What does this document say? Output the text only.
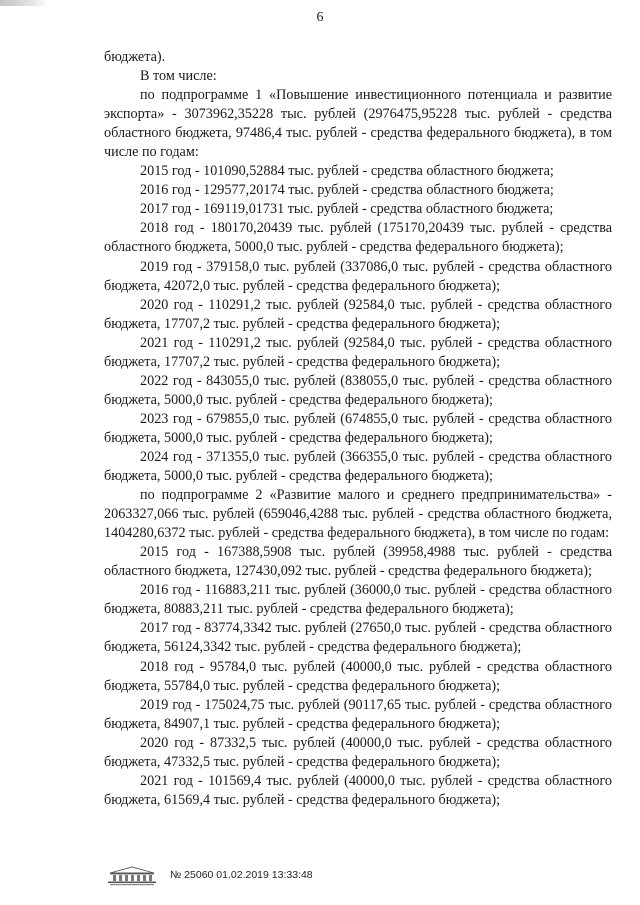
6

бюджета).

В том числе:

по подпрограмме 1 «Повышение инвестиционного потенциала и развитие экспорта» - 3073962,35228 тыс. рублей (2976475,95228 тыс. рублей - средства областного бюджета, 97486,4 тыс. рублей - средства федерального бюджета), в том числе по годам:

2015 год - 101090,52884 тыс. рублей - средства областного бюджета;

2016 год - 129577,20174 тыс. рублей - средства областного бюджета;

2017 год - 169119,01731 тыс. рублей - средства областного бюджета;

2018 год - 180170,20439 тыс. рублей (175170,20439 тыс. рублей - средства областного бюджета, 5000,0 тыс. рублей - средства федерального бюджета);

2019 год - 379158,0 тыс. рублей (337086,0 тыс. рублей - средства областного бюджета, 42072,0 тыс. рублей - средства федерального бюджета);

2020 год - 110291,2 тыс. рублей (92584,0 тыс. рублей - средства областного бюджета, 17707,2 тыс. рублей - средства федерального бюджета);

2021 год - 110291,2 тыс. рублей (92584,0 тыс. рублей - средства областного бюджета, 17707,2 тыс. рублей - средства федерального бюджета);

2022 год - 843055,0 тыс. рублей (838055,0 тыс. рублей - средства областного бюджета, 5000,0 тыс. рублей - средства федерального бюджета);

2023 год - 679855,0 тыс. рублей (674855,0 тыс. рублей - средства областного бюджета, 5000,0 тыс. рублей - средства федерального бюджета);

2024 год - 371355,0 тыс. рублей (366355,0 тыс. рублей - средства областного бюджета, 5000,0 тыс. рублей - средства федерального бюджета);

по подпрограмме 2 «Развитие малого и среднего предпринимательства» - 2063327,066 тыс. рублей (659046,4288 тыс. рублей - средства областного бюджета, 1404280,6372 тыс. рублей - средства федерального бюджета), в том числе по годам:

2015 год - 167388,5908 тыс. рублей (39958,4988 тыс. рублей - средства областного бюджета, 127430,092 тыс. рублей - средства федерального бюджета);

2016 год - 116883,211 тыс. рублей (36000,0 тыс. рублей - средства областного бюджета, 80883,211 тыс. рублей - средства федерального бюджета);

2017 год - 83774,3342 тыс. рублей (27650,0 тыс. рублей - средства областного бюджета, 56124,3342 тыс. рублей - средства федерального бюджета);

2018 год - 95784,0 тыс. рублей (40000,0 тыс. рублей - средства областного бюджета, 55784,0 тыс. рублей - средства федерального бюджета);

2019 год - 175024,75 тыс. рублей (90117,65 тыс. рублей - средства областного бюджета, 84907,1 тыс. рублей - средства федерального бюджета);

2020 год - 87332,5 тыс. рублей (40000,0 тыс. рублей - средства областного бюджета, 47332,5 тыс. рублей - средства федерального бюджета);

2021 год - 101569,4 тыс. рублей (40000,0 тыс. рублей - средства областного бюджета, 61569,4 тыс. рублей - средства федерального бюджета);

№ 25060 01.02.2019 13:33:48
